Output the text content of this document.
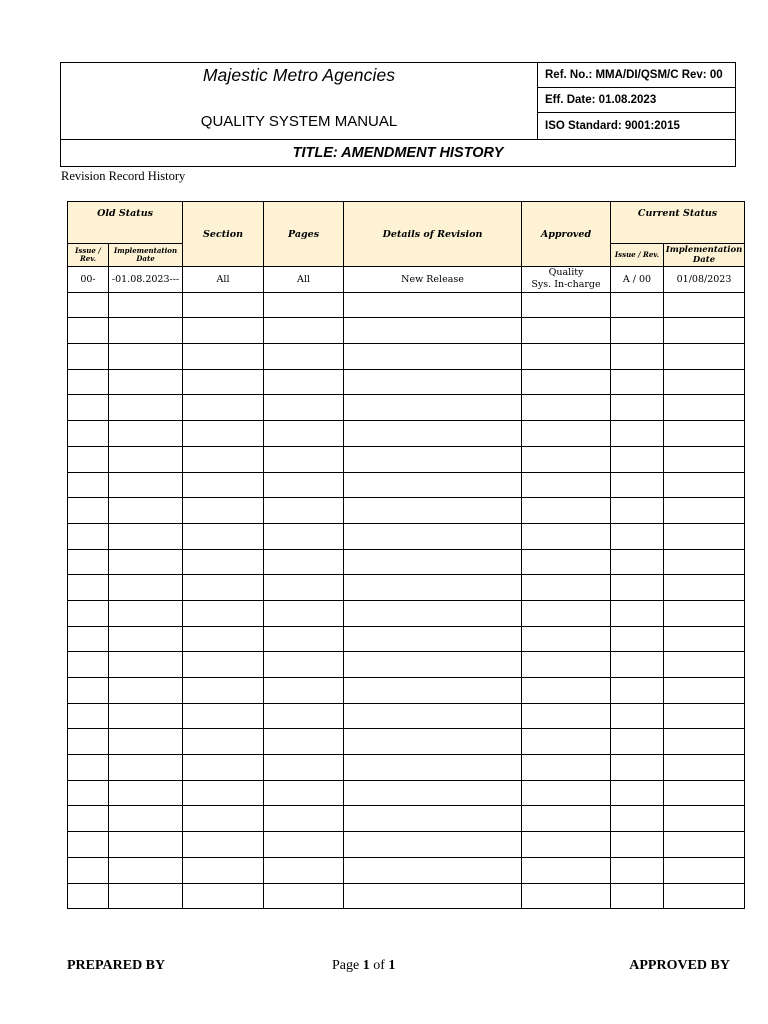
Majestic Metro Agencies
QUALITY SYSTEM MANUAL
Ref. No.: MMA/DI/QSM/C Rev: 00
Eff. Date: 01.08.2023
ISO Standard: 9001:2015
TITLE: AMENDMENT HISTORY
Revision Record History
Old Status		Section	Pages	Details of Revision	Approved	Current Status	
Issue / Rev.	Implementation Date					Issue / Rev.	Implementation Date
00-	-01.08.2023---	All	All	New Release	Quality
Sys. In-charge	A / 00	01/08/2023

PREPARED BY	Page 1 of 1	APPROVED BY
